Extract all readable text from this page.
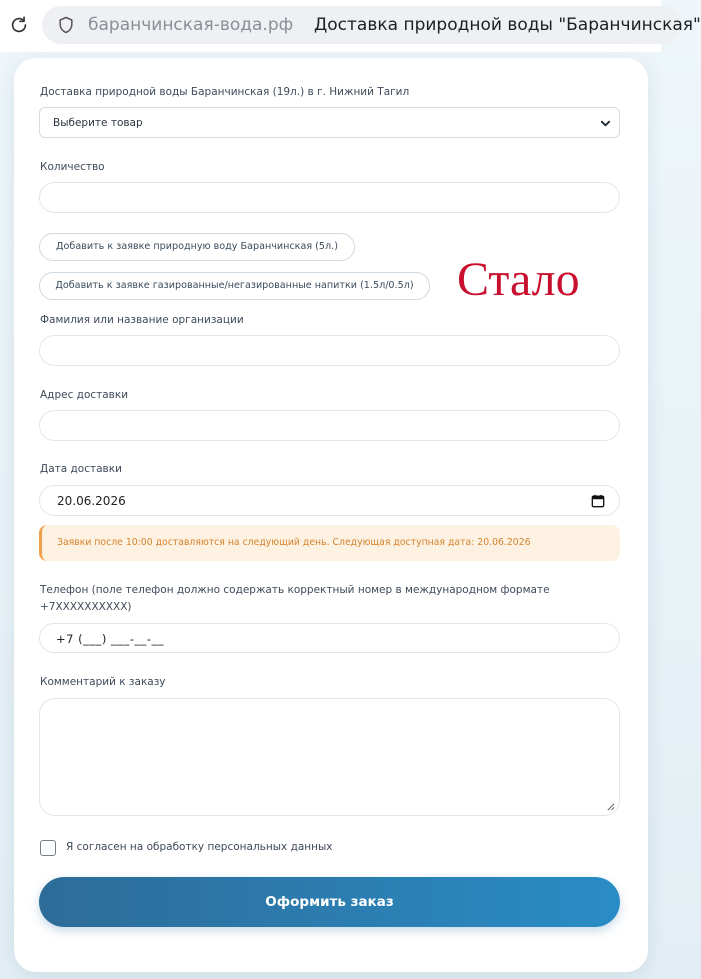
баранчинская-вода.рф Доставка природной воды "Баранчинская"
Доставка природной воды Баранчинская (19л.) в г. Нижний Тагил
Выберите товар
Количество
Добавить к заявке природную воду Баранчинская (5л.)
Добавить к заявке газированные/негазированные напитки (1.5л/0.5л) Стало
Фамилия или название организации
Адрес доставки
Дата доставки
20.06.2026
Заявки после 10:00 доставляются на следующий день. Следующая доступная дата: 20.06.2026
Телефон (поле телефон должно содержать корректный номер в международном формате
+7XXXXXXXXXX)
+7 (___) ___-__-__
Комментарий к заказу
Я согласен на обработку персональных данных
Оформить заказ
